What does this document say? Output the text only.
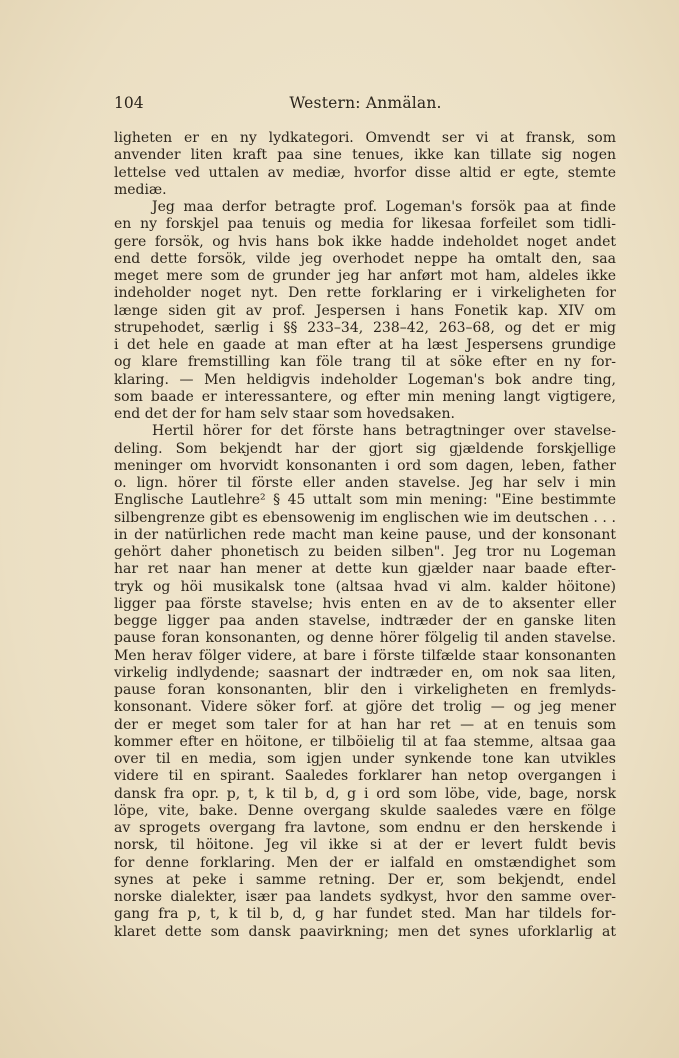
104	Western: Anmälan.
ligheten er en ny lydkategori. Omvendt ser vi at fransk, som
anvender liten kraft paa sine tenues, ikke kan tillate sig nogen
lettelse ved uttalen av mediæ, hvorfor disse altid er egte, stemte
mediæ.
Jeg maa derfor betragte prof. Logeman's forsök paa at finde
en ny forskjel paa tenuis og media for likesaa forfeilet som tidli-
gere forsök, og hvis hans bok ikke hadde indeholdet noget andet
end dette forsök, vilde jeg overhodet neppe ha omtalt den, saa
meget mere som de grunder jeg har anført mot ham, aldeles ikke
indeholder noget nyt. Den rette forklaring er i virkeligheten for
længe siden git av prof. Jespersen i hans Fonetik kap. XIV om
strupehodet, særlig i §§ 233–34, 238–42, 263–68, og det er mig
i det hele en gaade at man efter at ha læst Jespersens grundige
og klare fremstilling kan föle trang til at söke efter en ny for-
klaring. — Men heldigvis indeholder Logeman's bok andre ting,
som baade er interessantere, og efter min mening langt vigtigere,
end det der for ham selv staar som hovedsaken.
Hertil hörer for det förste hans betragtninger over stavelse-
deling. Som bekjendt har der gjort sig gjældende forskjellige
meninger om hvorvidt konsonanten i ord som dagen, leben, father
o. lign. hörer til förste eller anden stavelse. Jeg har selv i min
Englische Lautlehre² § 45 uttalt som min mening: "Eine bestimmte
silbengrenze gibt es ebensowenig im englischen wie im deutschen . . .
in der natürlichen rede macht man keine pause, und der konsonant
gehört daher phonetisch zu beiden silben". Jeg tror nu Logeman
har ret naar han mener at dette kun gjælder naar baade efter-
tryk og höi musikalsk tone (altsaa hvad vi alm. kalder höitone)
ligger paa förste stavelse; hvis enten en av de to aksenter eller
begge ligger paa anden stavelse, indtræder der en ganske liten
pause foran konsonanten, og denne hörer fölgelig til anden stavelse.
Men herav fölger videre, at bare i förste tilfælde staar konsonanten
virkelig indlydende; saasnart der indtræder en, om nok saa liten,
pause foran konsonanten, blir den i virkeligheten en fremlyds-
konsonant. Videre söker forf. at gjöre det trolig — og jeg mener
der er meget som taler for at han har ret — at en tenuis som
kommer efter en höitone, er tilböielig til at faa stemme, altsaa gaa
over til en media, som igjen under synkende tone kan utvikles
videre til en spirant. Saaledes forklarer han netop overgangen i
dansk fra opr. p, t, k til b, d, g i ord som löbe, vide, bage, norsk
löpe, vite, bake. Denne overgang skulde saaledes være en fölge
av sprogets overgang fra lavtone, som endnu er den herskende i
norsk, til höitone. Jeg vil ikke si at der er levert fuldt bevis
for denne forklaring. Men der er ialfald en omstændighet som
synes at peke i samme retning. Der er, som bekjendt, endel
norske dialekter, især paa landets sydkyst, hvor den samme over-
gang fra p, t, k til b, d, g har fundet sted. Man har tildels for-
klaret dette som dansk paavirkning; men det synes uforklarlig at
